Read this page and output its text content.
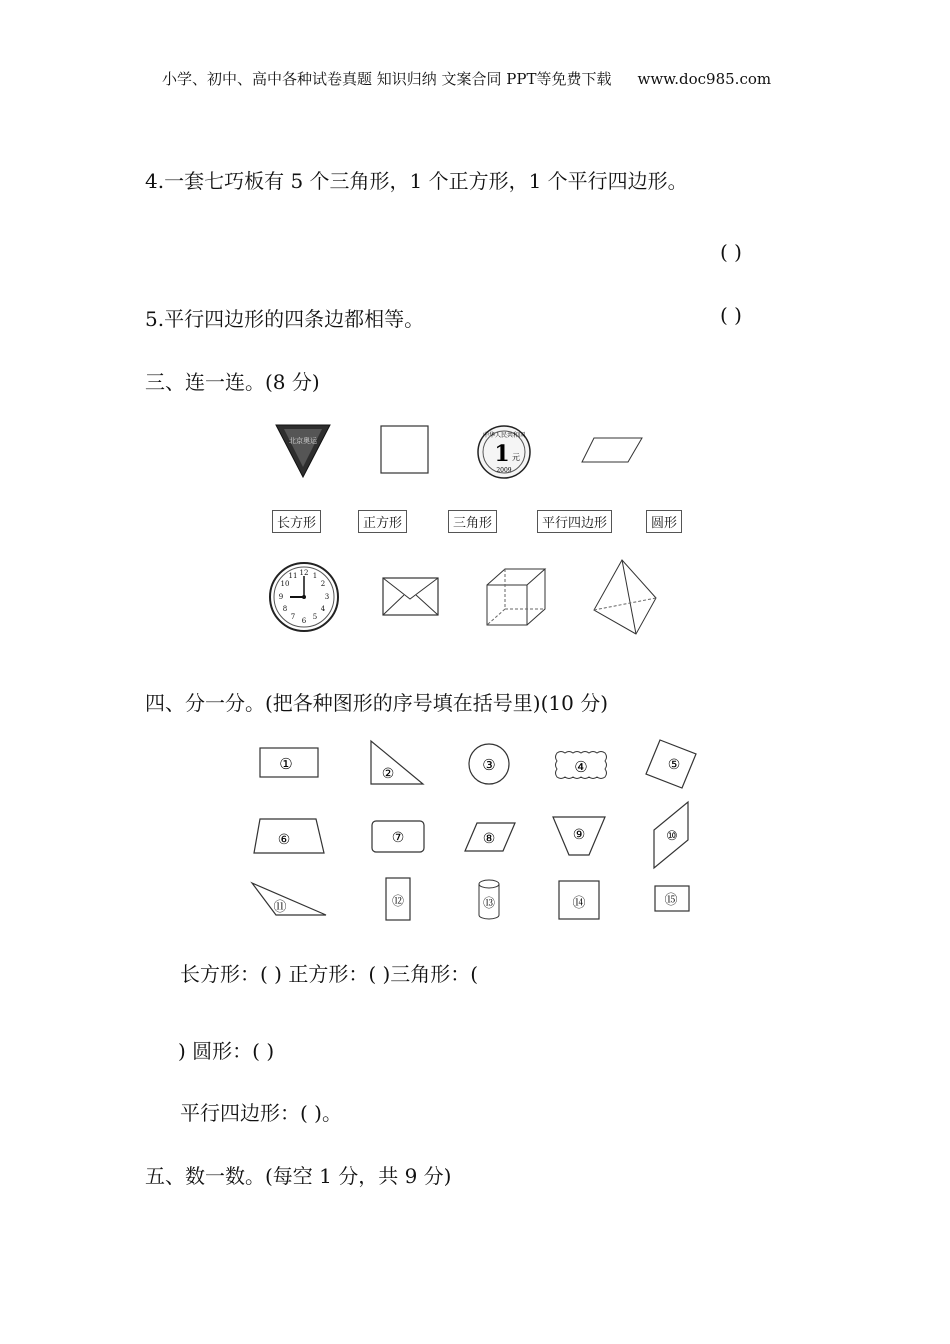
小学、初中、高中各种试卷真题 知识归纳 文案合同 PPT等免费下载 www.doc985.com
4.一套七巧板有 5 个三角形，1 个正方形，1 个平行四边形。
( )
5.平行四边形的四条边都相等。	( )
三、连一连。(8 分)
北京奥运
中华人民共和国
1 元
2009
长方形	正方形	三角形	平行四边形	圆形
12 1
2
3
4
5
6
7
8
9
10
11
四、分一分。(把各种图形的序号填在括号里)(10 分)
①
②	③	④	⑤
⑥	⑦	⑧	⑨	⑩
⑪	⑫	⑬	⑭	⑮
长方形：( ) 正方形：( )三角形：(
) 圆形：( )
平行四边形：( )。
五、数一数。(每空 1 分，共 9 分)
